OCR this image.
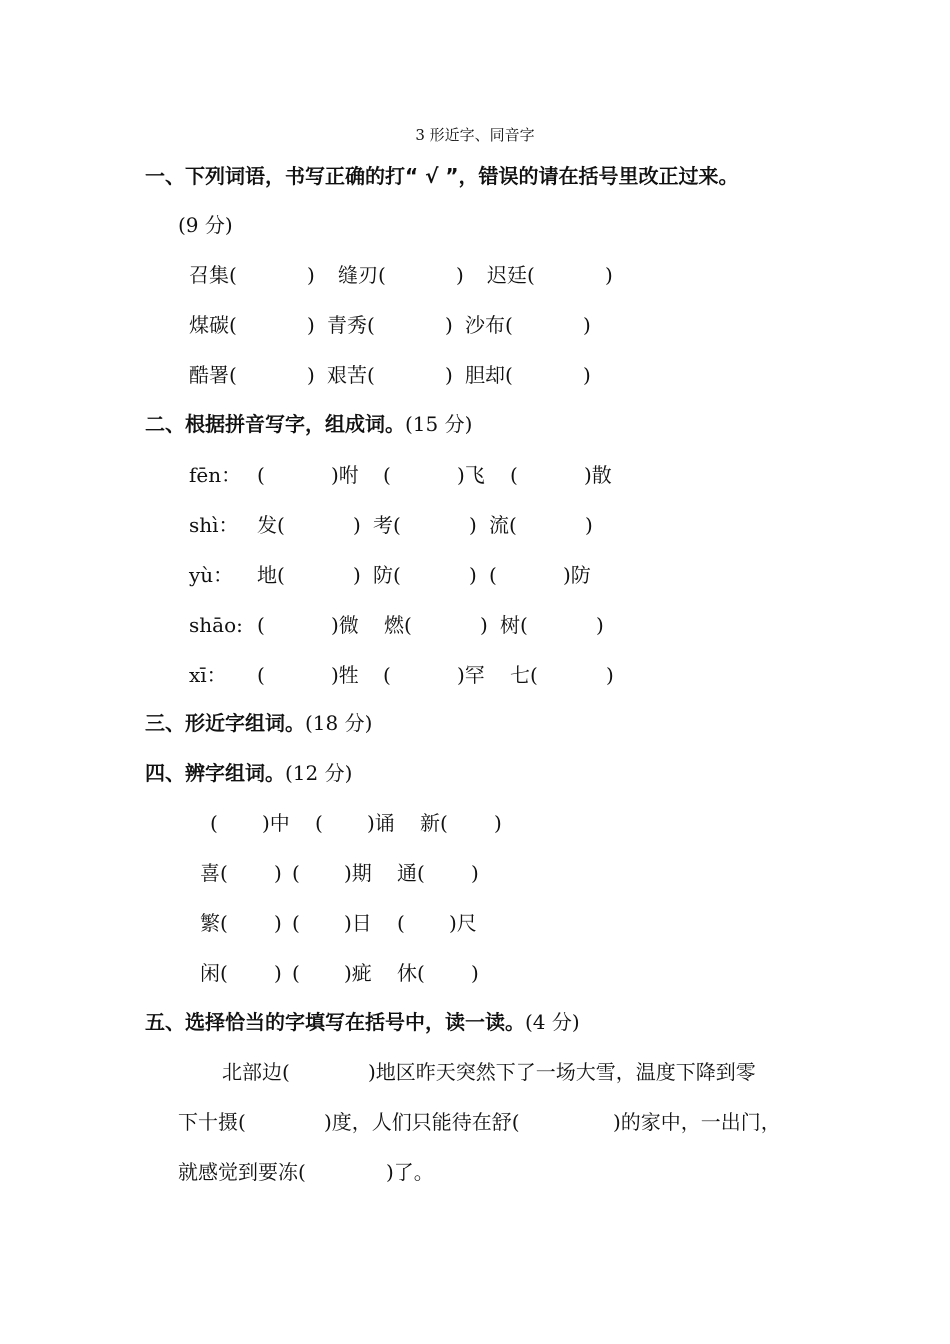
3 形近字、同音字
一、下列词语，书写正确的打“ √ ”，错误的请在括号里改正过来。
(9 分)
召集(	) 缝刃(	) 迟廷(	)
煤碳(	) 青秀(	) 沙布(	)
酷署(	) 艰苦(	) 胆却(	)
二、根据拼音写字，组成词。(15 分)
fēn： (	)咐 (	)飞 (	)散
shì： 发(	) 考(	) 流(	)
yù： 地(	) 防(	) (	)防
shāo: (	)微 燃(	) 树(	)
xī： (	)牲 (	)罕 七(	)
三、形近字组词。(18 分)
四、辨字组词。(12 分)
( )中 ( )诵 新( )
喜( ) ( )期 通( )
繁( ) ( )日 ( )尺
闲( ) ( )疵 休( )
五、选择恰当的字填写在括号中，读一读。(4 分)
北部边(	)地区昨天突然下了一场大雪，温度下降到零
下十摄(	)度，人们只能待在舒(	)的家中，一出门，
就感觉到要冻(	)了。
